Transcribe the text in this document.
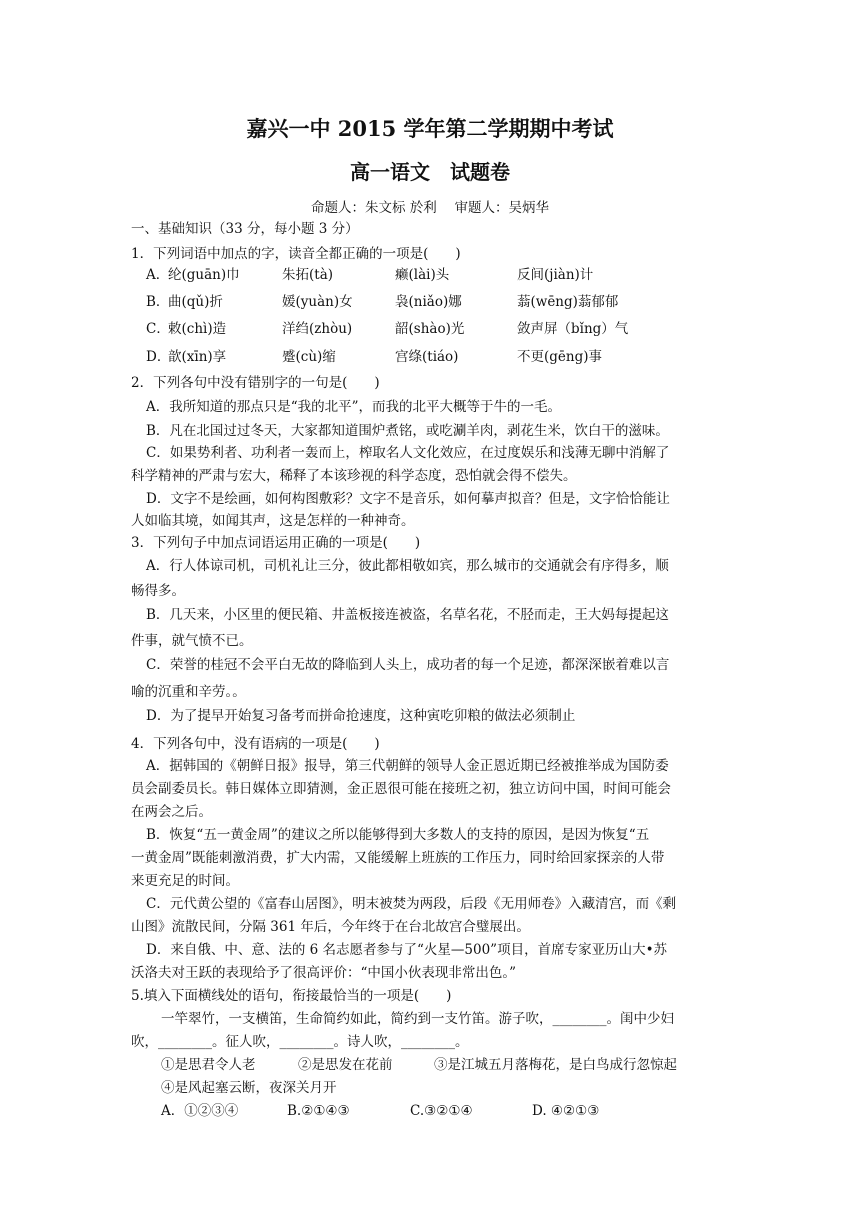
嘉兴一中 2015 学年第二学期期中考试
高一语文　试题卷
命题人：朱文标 於利　 审题人：吴炳华
一、基础知识（33 分，每小题 3 分）
1．下列词语中加点的字，读音全都正确的一项是(　　)
A．
纶(guān)巾	朱拓(tà)	癞(lài)头	反间(jiàn)计
B．
曲(qǔ)折	媛(yuàn)女	袅(niǎo)娜	蓊(wēng)蓊郁郁
C．
敕(chì)造	洋绉(zhòu)	韶(shào)光	敛声屏（bǐng）气
D．
歆(xīn)享	蹙(cù)缩	宫绦(tiáo)	不更(gēng)事
2．下列各句中没有错别字的一句是(　　)
A．我所知道的那点只是“我的北平”，而我的北平大概等于牛的一毛。
B．凡在北国过过冬天，大家都知道围炉煮铭，或吃涮羊肉，剥花生米，饮白干的滋味。
C．如果势利者、功利者一轰而上，榨取名人文化效应，在过度娱乐和浅薄无聊中消解了
科学精神的严肃与宏大，稀释了本该珍视的科学态度，恐怕就会得不偿失。
D．文字不是绘画，如何构图敷彩？文字不是音乐，如何摹声拟音？但是，文字恰恰能让
人如临其境，如闻其声，这是怎样的一种神奇。
3．下列句子中加点词语运用正确的一项是(　　)
A．行人体谅司机，司机礼让三分，彼此都相敬如宾，那么城市的交通就会有序得多，顺
畅得多。
B．几天来，小区里的便民箱、井盖板接连被盗，名草名花，不胫而走，王大妈每提起这
件事，就气愤不已。
C．荣誉的桂冠不会平白无故的降临到人头上，成功者的每一个足迹，都深深嵌着难以言
喻的沉重和辛劳。。
D．为了提早开始复习备考而拼命抢速度，这种寅吃卯粮的做法必须制止
4．下列各句中，没有语病的一项是(　　)
A．据韩国的《朝鲜日报》报导，第三代朝鲜的领导人金正恩近期已经被推举成为国防委
员会副委员长。韩日媒体立即猜测，金正恩很可能在接班之初，独立访问中国，时间可能会
在两会之后。
B．恢复“五一黄金周”的建议之所以能够得到大多数人的支持的原因，是因为恢复“五
一黄金周”既能刺激消费，扩大内需，又能缓解上班族的工作压力，同时给回家探亲的人带
来更充足的时间。
C．元代黄公望的《富春山居图》，明末被焚为两段，后段《无用师卷》入藏清宫，而《剩
山图》流散民间，分隔 361 年后，今年终于在台北故宫合璧展出。
D．来自俄、中、意、法的 6 名志愿者参与了“火星—500”项目，首席专家亚历山大•苏
沃洛夫对王跃的表现给予了很高评价：“中国小伙表现非常出色。”
5.填入下面横线处的语句，衔接最恰当的一项是(　　)
一竿翠竹，一支横笛，生命简约如此，简约到一支竹笛。游子吹，________。闺中少妇
吹，________。征人吹，________。诗人吹，________。
①是思君令人老	②是思发在花前	③是江城五月落梅花，是白鸟成行忽惊起
④是风起塞云断，夜深关月开
A．①②③④	B.②①④③	C.③②①④	D. ④②①③
